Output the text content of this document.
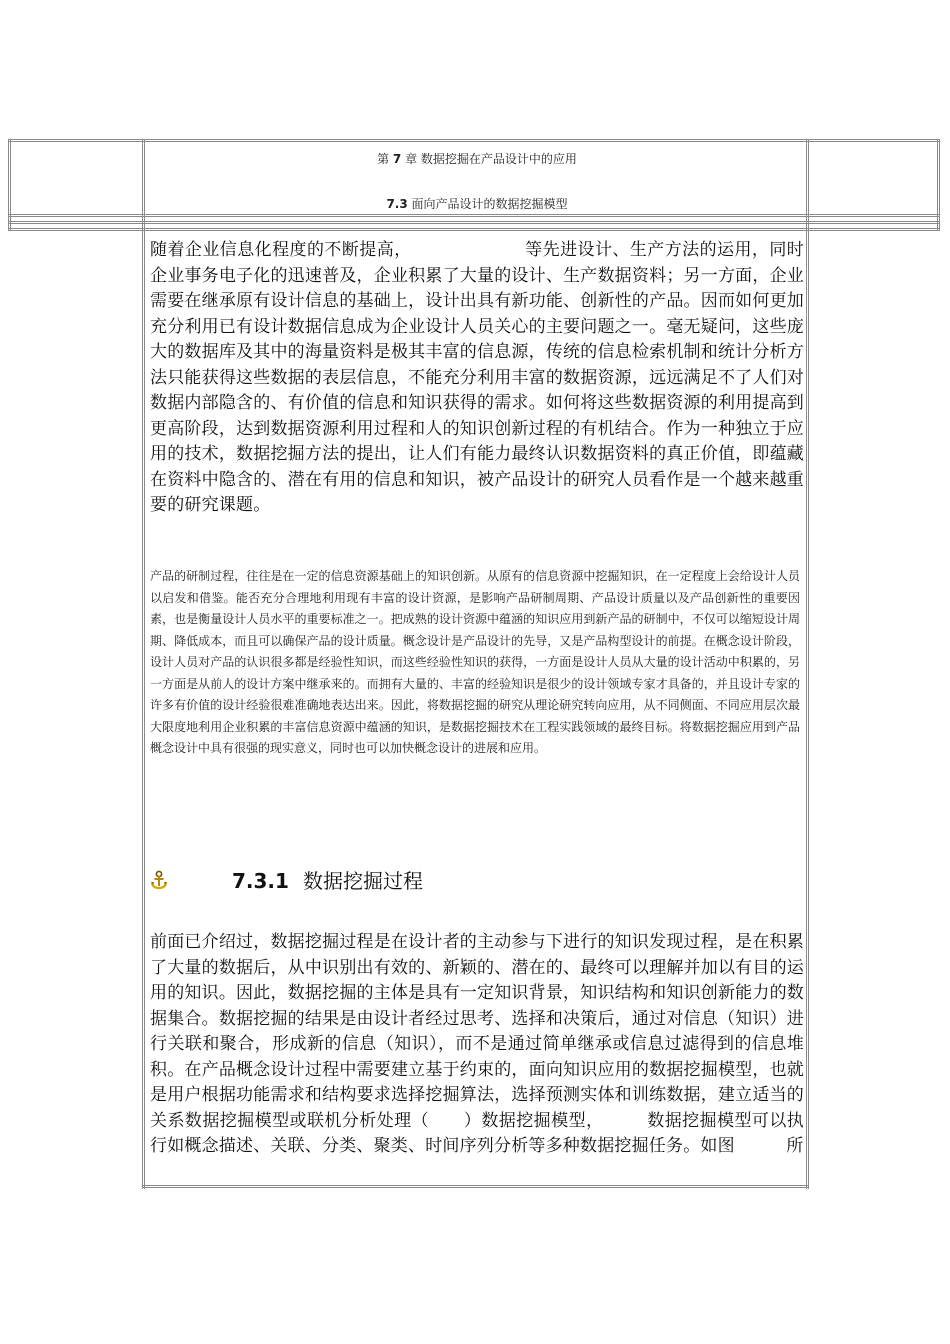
第 7 章 数据挖掘在产品设计中的应用
7.3 面向产品设计的数据挖掘模型
随着企业信息化程度的不断提高，　　　　　　　等先进设计、生产方法的运用，同时企业事务电子化的迅速普及，企业积累了大量的设计、生产数据资料；另一方面，企业需要在继承原有设计信息的基础上，设计出具有新功能、创新性的产品。因而如何更加充分利用已有设计数据信息成为企业设计人员关心的主要问题之一。毫无疑问，这些庞大的数据库及其中的海量资料是极其丰富的信息源，传统的信息检索机制和统计分析方法只能获得这些数据的表层信息，不能充分利用丰富的数据资源，远远满足不了人们对数据内部隐含的、有价值的信息和知识获得的需求。如何将这些数据资源的利用提高到更高阶段，达到数据资源利用过程和人的知识创新过程的有机结合。作为一种独立于应用的技术，数据挖掘方法的提出，让人们有能力最终认识数据资料的真正价值，即蕴藏在资料中隐含的、潜在有用的信息和知识，被产品设计的研究人员看作是一个越来越重要的研究课题。
产品的研制过程，往往是在一定的信息资源基础上的知识创新。从原有的信息资源中挖掘知识，在一定程度上会给设计人员以启发和借鉴。能否充分合理地利用现有丰富的设计资源，是影响产品研制周期、产品设计质量以及产品创新性的重要因素，也是衡量设计人员水平的重要标准之一。把成熟的设计资源中蕴涵的知识应用到新产品的研制中，不仅可以缩短设计周期、降低成本，而且可以确保产品的设计质量。概念设计是产品设计的先导，又是产品构型设计的前提。在概念设计阶段，设计人员对产品的认识很多都是经验性知识，而这些经验性知识的获得，一方面是设计人员从大量的设计活动中积累的，另一方面是从前人的设计方案中继承来的。而拥有大量的、丰富的经验知识是很少的设计领域专家才具备的，并且设计专家的许多有价值的设计经验很难准确地表达出来。因此，将数据挖掘的研究从理论研究转向应用，从不同侧面、不同应用层次最大限度地利用企业积累的丰富信息资源中蕴涵的知识，是数据挖掘技术在工程实践领域的最终目标。将数据挖掘应用到产品概念设计中具有很强的现实意义，同时也可以加快概念设计的进展和应用。
7.3.1 数据挖掘过程
前面已介绍过，数据挖掘过程是在设计者的主动参与下进行的知识发现过程，是在积累了大量的数据后，从中识别出有效的、新颖的、潜在的、最终可以理解并加以有目的运用的知识。因此，数据挖掘的主体是具有一定知识背景，知识结构和知识创新能力的数据集合。数据挖掘的结果是由设计者经过思考、选择和决策后，通过对信息（知识）进行关联和聚合，形成新的信息（知识），而不是通过简单继承或信息过滤得到的信息堆积。在产品概念设计过程中需要建立基于约束的，面向知识应用的数据挖掘模型，也就是用户根据功能需求和结构要求选择挖掘算法，选择预测实体和训练数据，建立适当的关系数据挖掘模型或联机分析处理（　　）数据挖掘模型，　　　数据挖掘模型可以执行如概念描述、关联、分类、聚类、时间序列分析等多种数据挖掘任务。如图　　　所
